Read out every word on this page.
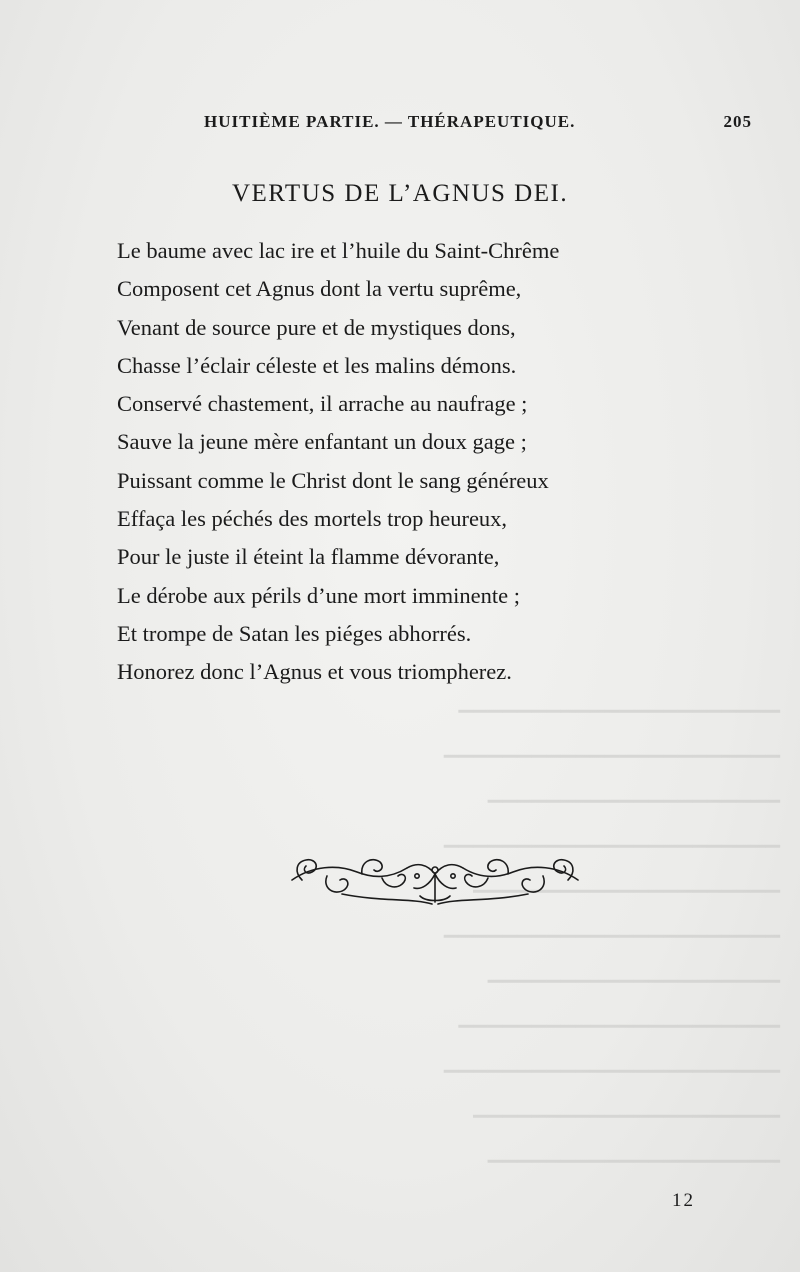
▁▁▁▁▁▁▁▁▁▁▁▁▁▁▁▁▁▁▁▁▁▁
▁▁▁▁▁▁▁▁▁▁▁▁▁▁▁▁▁▁▁▁▁▁▁
▁▁▁▁▁▁▁▁▁▁▁▁▁▁▁▁▁▁▁▁
▁▁▁▁▁▁▁▁▁▁▁▁▁▁▁▁▁▁▁▁▁▁▁
▁▁▁▁▁▁▁▁▁▁▁▁▁▁▁▁▁▁▁▁▁
▁▁▁▁▁▁▁▁▁▁▁▁▁▁▁▁▁▁▁▁▁▁▁
▁▁▁▁▁▁▁▁▁▁▁▁▁▁▁▁▁▁▁▁
▁▁▁▁▁▁▁▁▁▁▁▁▁▁▁▁▁▁▁▁▁▁
▁▁▁▁▁▁▁▁▁▁▁▁▁▁▁▁▁▁▁▁▁▁▁
▁▁▁▁▁▁▁▁▁▁▁▁▁▁▁▁▁▁▁▁▁
▁▁▁▁▁▁▁▁▁▁▁▁▁▁▁▁▁▁▁▁
HUITIÈME PARTIE. — THÉRAPEUTIQUE.	205
VERTUS DE L’AGNUS DEI.
Le baume avec lac ire et l’huile du Saint-Chrême
Composent cet Agnus dont la vertu suprême,
Venant de source pure et de mystiques dons,
Chasse l’éclair céleste et les malins démons.
Conservé chastement, il arrache au naufrage ;
Sauve la jeune mère enfantant un doux gage ;
Puissant comme le Christ dont le sang généreux
Effaça les péchés des mortels trop heureux,
Pour le juste il éteint la flamme dévorante,
Le dérobe aux périls d’une mort imminente ;
Et trompe de Satan les piéges abhorrés.
Honorez donc l’Agnus et vous triompherez.
12
